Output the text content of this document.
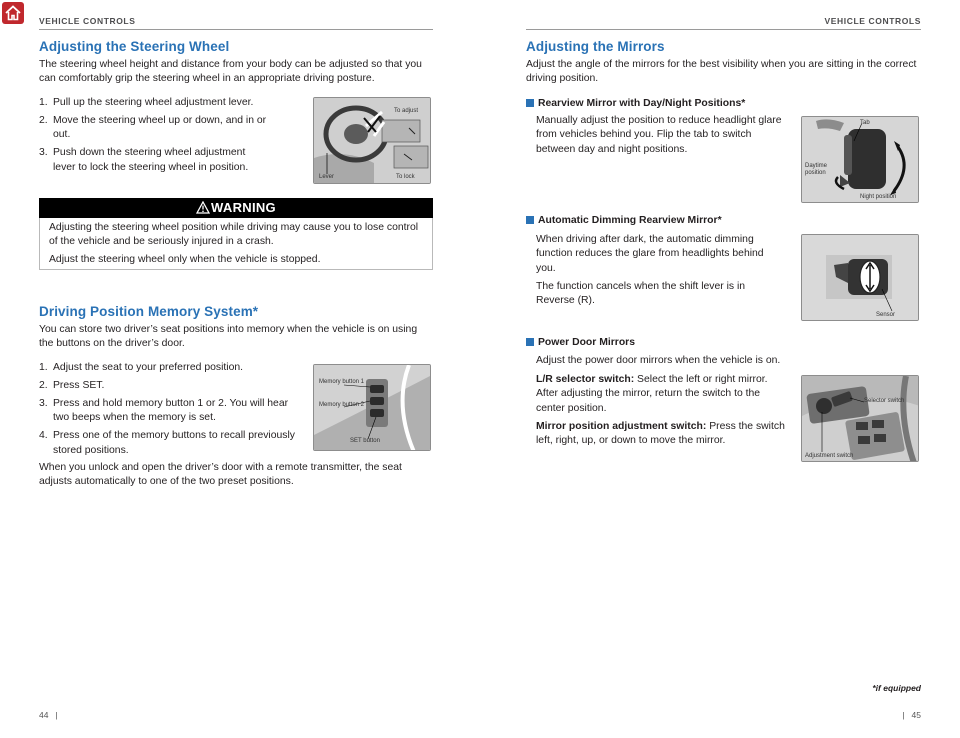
VEHICLE CONTROLS	VEHICLE CONTROLS
Adjusting the Steering Wheel
The steering wheel height and distance from your body can be adjusted so that you can comfortably grip the steering wheel in an appropriate driving posture.
1. Pull up the steering wheel adjustment lever.
2. Move the steering wheel up or down, and in or out.
3. Push down the steering wheel adjustment lever to lock the steering wheel in position.
To adjust
Lever	To lock
WARNING
Adjusting the steering wheel position while driving may cause you to lose control of the vehicle and be seriously injured in a crash.
Adjust the steering wheel only when the vehicle is stopped.
Driving Position Memory System*
You can store two driver’s seat positions into memory when the vehicle is on using the buttons on the driver’s door.
1. Adjust the seat to your preferred position.
2. Press SET.
3. Press and hold memory button 1 or 2. You will hear two beeps when the memory is set.
4. Press one of the memory buttons to recall previously stored positions.
When you unlock and open the driver’s door with a remote transmitter, the seat adjusts automatically to one of the two preset positions.
Memory button 1
Memory button 2
SET button
Adjusting the Mirrors
Adjust the angle of the mirrors for the best visibility when you are sitting in the correct driving position.
Rearview Mirror with Day/Night Positions*
Manually adjust the position to reduce headlight glare from vehicles behind you. Flip the tab to switch between day and night positions.
Tab
Daytime position
Night position
Automatic Dimming Rearview Mirror*
When driving after dark, the automatic dimming function reduces the glare from headlights behind you.
The function cancels when the shift lever is in Reverse (R).
Sensor
Power Door Mirrors
Adjust the power door mirrors when the vehicle is on.
L/R selector switch: Select the left or right mirror. After adjusting the mirror, return the switch to the center position.
Mirror position adjustment switch: Press the switch left, right, up, or down to move the mirror.
Selector switch
Adjustment switch
*if equipped
44   |	|   45
